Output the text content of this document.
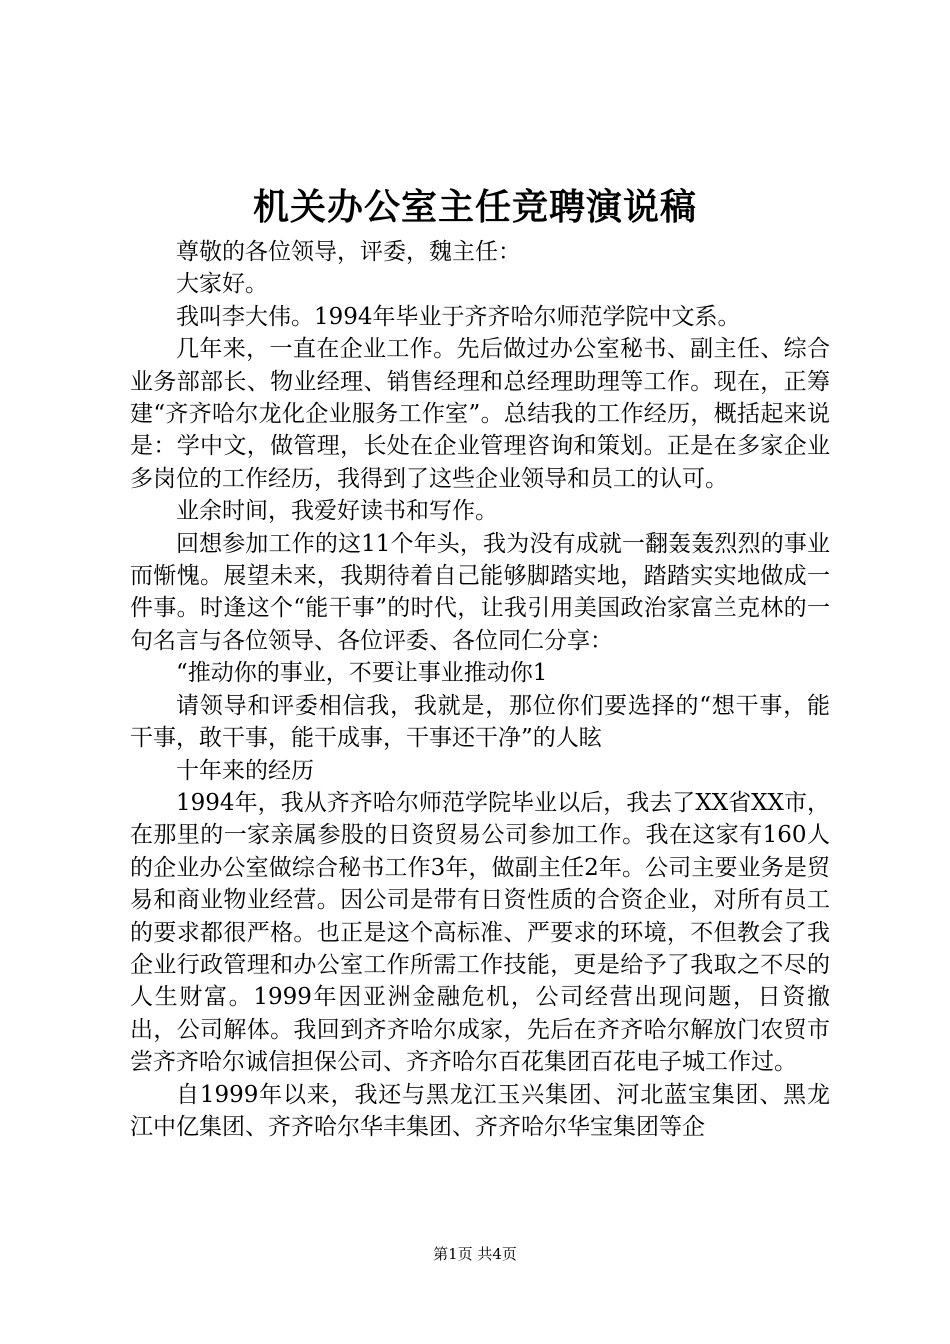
机关办公室主任竞聘演说稿

尊敬的各位领导，评委，魏主任：

大家好。

我叫李大伟。1994年毕业于齐齐哈尔师范学院中文系。

几年来，一直在企业工作。先后做过办公室秘书、副主任、综合业务部部长、物业经理、销售经理和总经理助理等工作。现在，正筹建“齐齐哈尔龙化企业服务工作室”。总结我的工作经历，概括起来说是：学中文，做管理，长处在企业管理咨询和策划。正是在多家企业多岗位的工作经历，我得到了这些企业领导和员工的认可。

业余时间，我爱好读书和写作。

回想参加工作的这11个年头，我为没有成就一翻轰轰烈烈的事业而惭愧。展望未来，我期待着自己能够脚踏实地，踏踏实实地做成一件事。时逢这个“能干事”的时代，让我引用美国政治家富兰克林的一句名言与各位领导、各位评委、各位同仁分享：

“推动你的事业，不要让事业推动你1

请领导和评委相信我，我就是，那位你们要选择的“想干事，能干事，敢干事，能干成事，干事还干净”的人眩

十年来的经历

1994年，我从齐齐哈尔师范学院毕业以后，我去了XX省XX市，在那里的一家亲属参股的日资贸易公司参加工作。我在这家有160人的企业办公室做综合秘书工作3年，做副主任2年。公司主要业务是贸易和商业物业经营。因公司是带有日资性质的合资企业，对所有员工的要求都很严格。也正是这个高标准、严要求的环境，不但教会了我企业行政管理和办公室工作所需工作技能，更是给予了我取之不尽的人生财富。1999年因亚洲金融危机，公司经营出现问题，日资撤出，公司解体。我回到齐齐哈尔成家，先后在齐齐哈尔解放门农贸市尝齐齐哈尔诚信担保公司、齐齐哈尔百花集团百花电子城工作过。

自1999年以来，我还与黑龙江玉兴集团、河北蓝宝集团、黑龙江中亿集团、齐齐哈尔华丰集团、齐齐哈尔华宝集团等企

第1页 共4页
